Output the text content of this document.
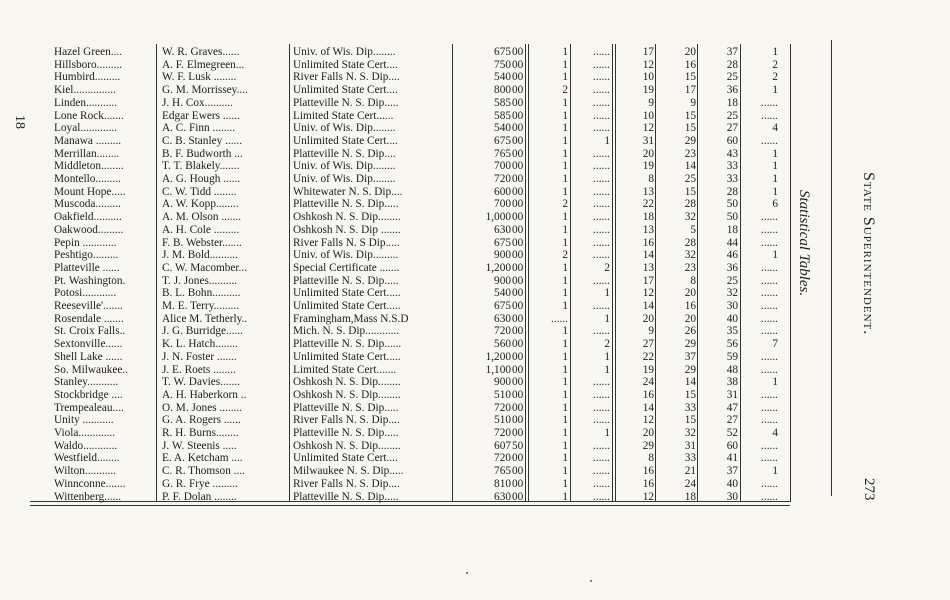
18
Statistical Tables.	State Superintendent.
273
Hazel Green....	W. R. Graves......	Univ. of Wis. Dip........	675 00	1	......	17	20	37	1
Hillsboro.........	A. F. Elmegreen...	Unlimited State Cert....	750 00	1	......	12	16	28	2
Humbird.........	W. F. Lusk ........	River Falls N. S. Dip....	540 00	1	......	10	15	25	2
Kiel...............	G. M. Morrissey....	Unlimited State Cert....	800 00	2	......	19	17	36	1
Linden...........	J. H. Cox..........	Platteville N. S. Dip.....	585 00	1	......	9	9	18	......
Lone Rock.......	Edgar Ewers ......	Limited State Cert......	585 00	1	......	10	15	25	......
Loyal.............	A. C. Finn ........	Univ. of Wis. Dip........	540 00	1	......	12	15	27	4
Manawa .........	C. B. Stanley ......	Unlimited State Cert....	675 00	1	1	31	29	60	......
Merrillan........	B. F. Budworth ...	Platteville N. S. Dip....	765 00	1	......	20	23	43	1
Middleton........	T. T. Blakely.......	Univ. of Wis. Dip........	700 00	1	......	19	14	33	1
Montello.........	A. G. Hough ......	Univ. of Wis. Dip........	720 00	1	......	8	25	33	1
Mount Hope.....	C. W. Tidd ........	Whitewater N. S. Dip....	600 00	1	......	13	15	28	1
Muscoda.........	A. W. Kopp........	Platteville N. S. Dip.....	700 00	2	......	22	28	50	6
Oakfield..........	A. M. Olson .......	Oshkosh N. S. Dip........	1,000 00	1	......	18	32	50	......
Oakwood.........	A. H. Cole .........	Oshkosh N. S. Dip .......	630 00	1	......	13	5	18	......
Pepin ............	F. B. Webster.......	River Falls N. S Dip.....	675 00	1	......	16	28	44	......
Peshtigo.........	J. M. Bold..........	Univ. of Wis. Dip.........	900 00	2	......	14	32	46	1
Platteville ......	C. W. Macomber...	Special Certificate .......	1,200 00	1	2	13	23	36	......
Pt. Washington.	T. J. Jones..........	Platteville N. S. Dip.....	900 00	1	......	17	8	25	......
Potosi............	B. L. Bohn..........	Unlimited State Cert.....	540 00	1	1	12	20	32	......
Reeseville'.......	M. E. Terry.........	Unlimited State Cert.....	675 00	1	......	14	16	30	......
Rosendale .......	Alice M. Tetherly..	Framingham,Mass N.S.D	630 00	......	1	20	20	40	......
St. Croix Falls..	J. G. Burridge......	Mich. N. S. Dip............	720 00	1	......	9	26	35	......
Sextonville......	K. L. Hatch........	Platteville N. S. Dip......	560 00	1	2	27	29	56	7
Shell Lake ......	J. N. Foster .......	Unlimited State Cert.....	1,200 00	1	1	22	37	59	......
So. Milwaukee..	J. E. Roets ........	Limited State Cert.......	1,100 00	1	1	19	29	48	......
Stanley...........	T. W. Davies.......	Oshkosh N. S. Dip........	900 00	1	......	24	14	38	1
Stockbridge ....	A. H. Haberkorn ..	Oshkosh N. S. Dip........	510 00	1	......	16	15	31	......
Trempealeau....	O. M. Jones ........	Platteville N. S. Dip.....	720 00	1	......	14	33	47	......
Unity ...........	G. A. Rogers ......	River Falls N. S. Dip....	510 00	1	......	12	15	27	......
Viola.............	R. H. Burns........	Platteville N. S. Dip.....	720 00	1	1	20	32	52	4
Waldo............	J. W. Steenis .....	Oshkosh N. S. Dip........	607 50	1	......	29	31	60	......
Westfield........	E. A. Ketcham ....	Unlimited State Cert....	720 00	1	......	8	33	41	......
Wilton...........	C. R. Thomson ....	Milwaukee N. S. Dip.....	765 00	1	......	16	21	37	1
Winnconne.......	G. R. Frye .........	River Falls N. S. Dip....	810 00	1	......	16	24	40	......
Wittenberg......	P. F. Dolan ........	Platteville N. S. Dip.....	630 00	1	......	12	18	30	......
